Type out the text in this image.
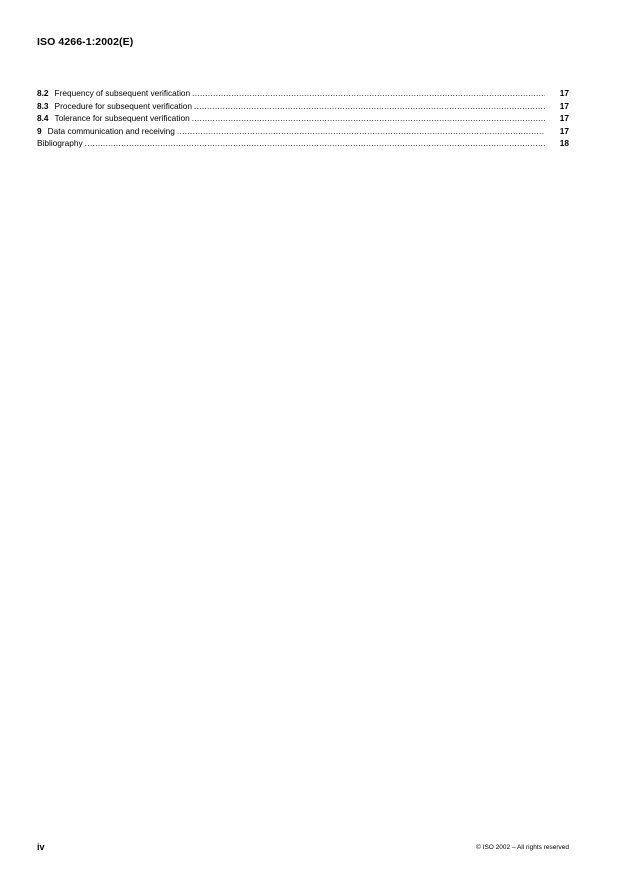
ISO 4266-1:2002(E)
8.2 Frequency of subsequent verification .....	17
8.3 Procedure for subsequent verification .....	17
8.4 Tolerance for subsequent verification .....	17
9 Data communication and receiving .....	17
Bibliography .....	18
iv	© ISO 2002 – All rights reserved
